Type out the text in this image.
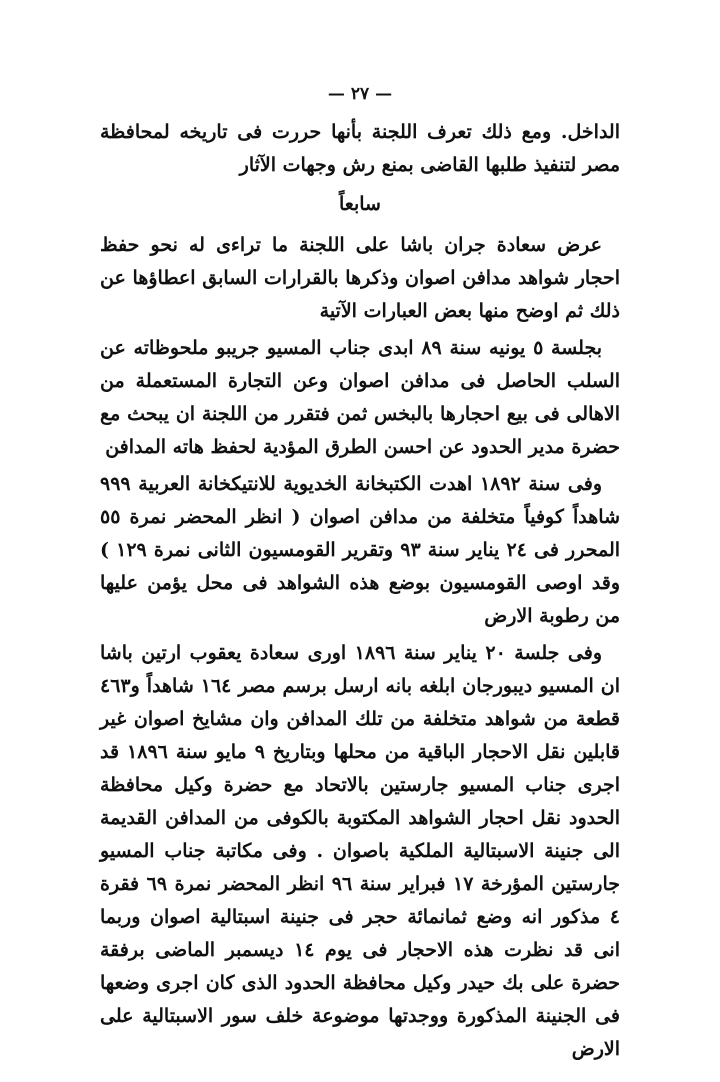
—٢٧—

الداخل. ومع ذلك تعرف اللجنة بأنها حررت فى تاريخه لمحافظة مصر لتنفيذ طلبها القاضى بمنع رش وجهات الآثار

سابعاً

عرض سعادة جران باشا على اللجنة ما تراءى له نحو حفظ احجار شواهد مدافن اصوان وذكرها بالقرارات السابق اعطاؤها عن ذلك ثم اوضح منها بعض العبارات الآتية

بجلسة ٥ يونيه سنة ٨٩ ابدى جناب المسيو جريبو ملحوظاته عن السلب الحاصل فى مدافن اصوان وعن التجارة المستعملة من الاهالى فى بيع احجارها بالبخس ثمن فتقرر من اللجنة ان يبحث مع حضرة مدير الحدود عن احسن الطرق المؤدية لحفظ هاته المدافن

وفى سنة ١٨٩٢ اهدت الكتبخانة الخديوية للانتيكخانة العربية ٩٩٩ شاهداً كوفياً متخلفة من مدافن اصوان ( انظر المحضر نمرة ٥٥ المحرر فى ٢٤ يناير سنة ٩٣ وتقرير القومسيون الثانى نمرة ١٢٩ ) وقد اوصى القومسيون بوضع هذه الشواهد فى محل يؤمن عليها من رطوبة الارض

وفى جلسة ٢٠ يناير سنة ١٨٩٦ اورى سعادة يعقوب ارتين باشا ان المسيو ديبورجان ابلغه بانه ارسل برسم مصر ١٦٤ شاهداً و٤٦٣ قطعة من شواهد متخلفة من تلك المدافن وان مشايخ اصوان غير قابلين نقل الاحجار الباقية من محلها وبتاريخ ٩ مايو سنة ١٨٩٦ قد اجرى جناب المسيو جارستين بالاتحاد مع حضرة وكيل محافظة الحدود نقل احجار الشواهد المكتوبة بالكوفى من المدافن القديمة الى جنينة الاسبتالية الملكية باصوان . وفى مكاتبة جناب المسيو جارستين المؤرخة ١٧ فبراير سنة ٩٦ انظر المحضر نمرة ٦٩ فقرة ٤ مذكور انه وضع ثمانمائة حجر فى جنينة اسبتالية اصوان وربما انى قد نظرت هذه الاحجار فى يوم ١٤ ديسمبر الماضى برفقة حضرة على بك حيدر وكيل محافظة الحدود الذى كان اجرى وضعها فى الجنينة المذكورة ووجدتها موضوعة خلف سور الاسبتالية على الارض
